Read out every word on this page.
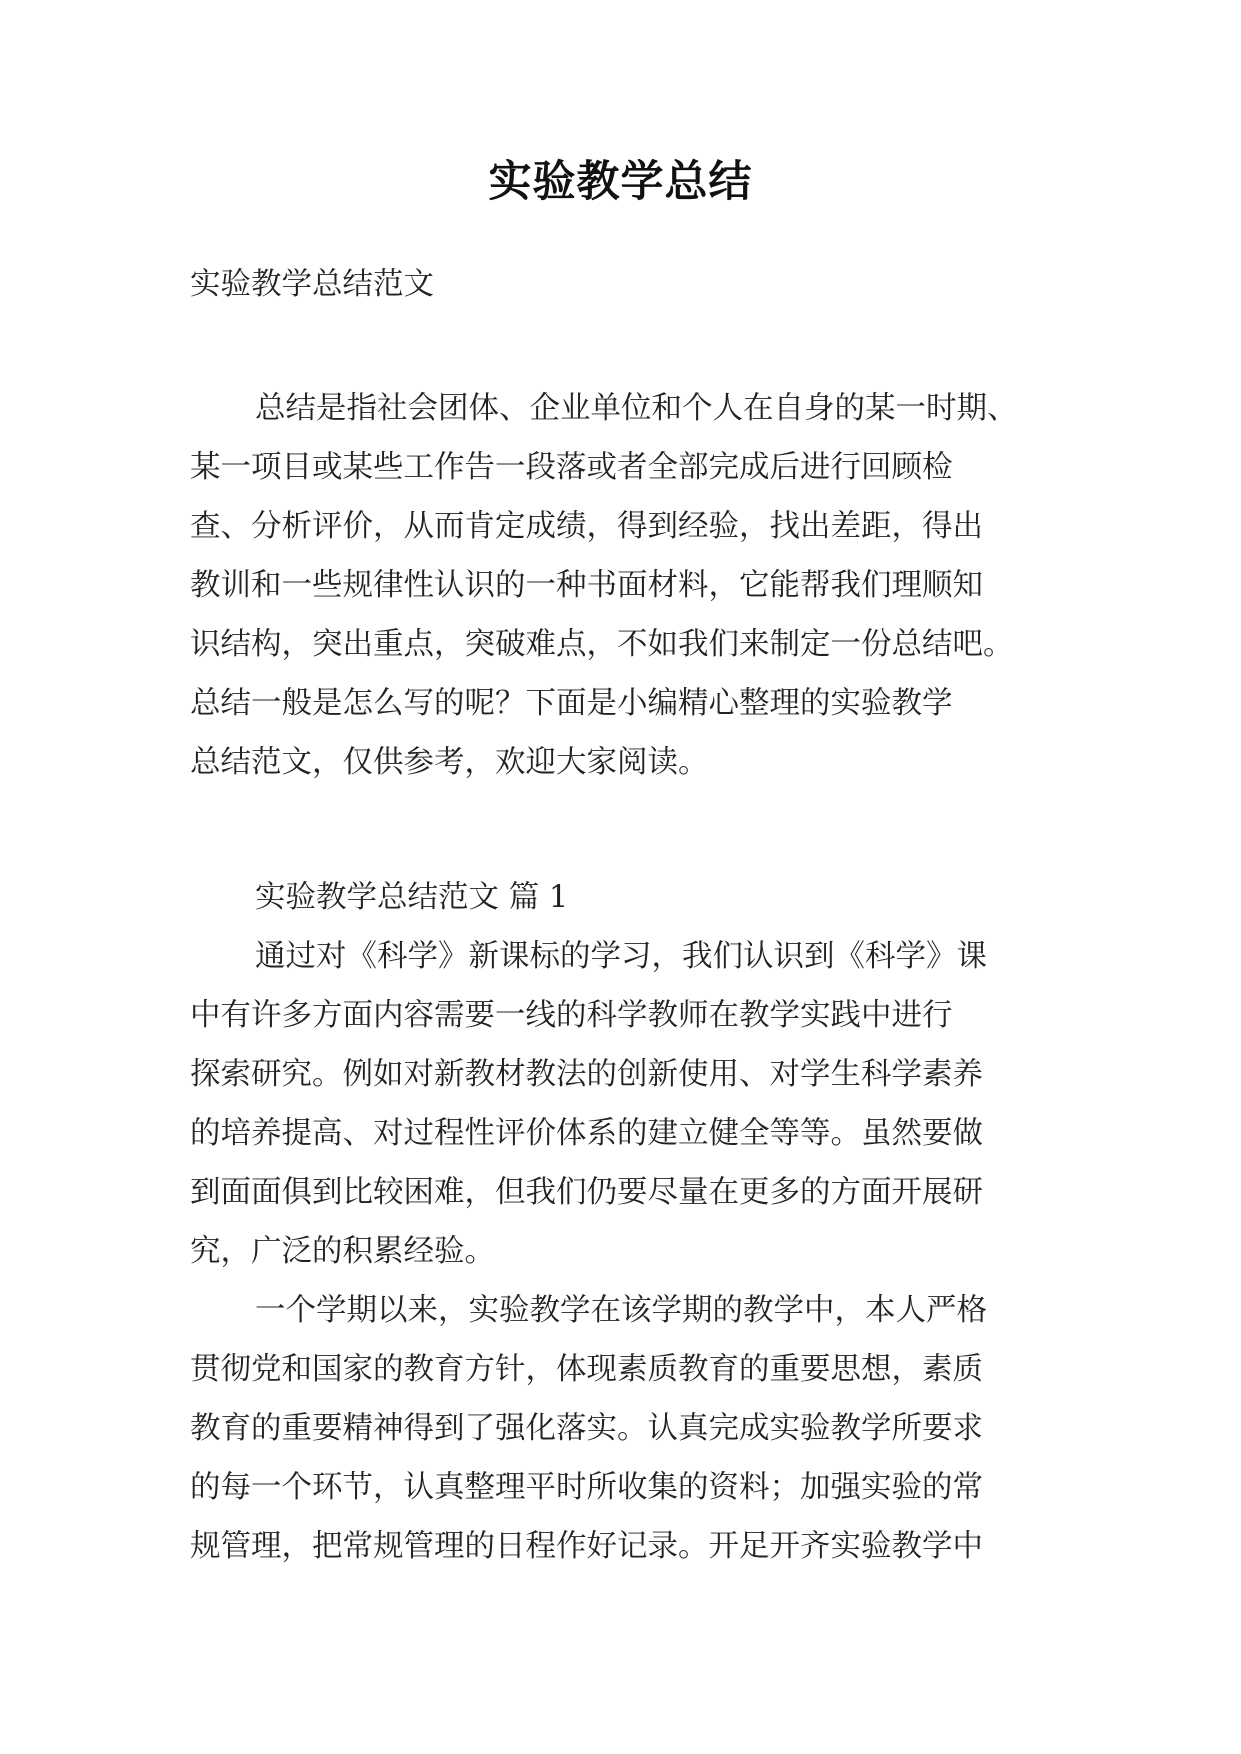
实验教学总结

实验教学总结范文

总结是指社会团体、企业单位和个人在自身的某一时期、

某一项目或某些工作告一段落或者全部完成后进行回顾检

查、分析评价，从而肯定成绩，得到经验，找出差距，得出

教训和一些规律性认识的一种书面材料，它能帮我们理顺知

识结构，突出重点，突破难点，不如我们来制定一份总结吧。

总结一般是怎么写的呢？下面是小编精心整理的实验教学

总结范文，仅供参考，欢迎大家阅读。

实验教学总结范文 篇 1

通过对《科学》新课标的学习，我们认识到《科学》课

中有许多方面内容需要一线的科学教师在教学实践中进行

探索研究。例如对新教材教法的创新使用、对学生科学素养

的培养提高、对过程性评价体系的建立健全等等。虽然要做

到面面俱到比较困难，但我们仍要尽量在更多的方面开展研

究，广泛的积累经验。

一个学期以来，实验教学在该学期的教学中，本人严格

贯彻党和国家的教育方针，体现素质教育的重要思想，素质

教育的重要精神得到了强化落实。认真完成实验教学所要求

的每一个环节，认真整理平时所收集的资料；加强实验的常

规管理，把常规管理的日程作好记录。开足开齐实验教学中
